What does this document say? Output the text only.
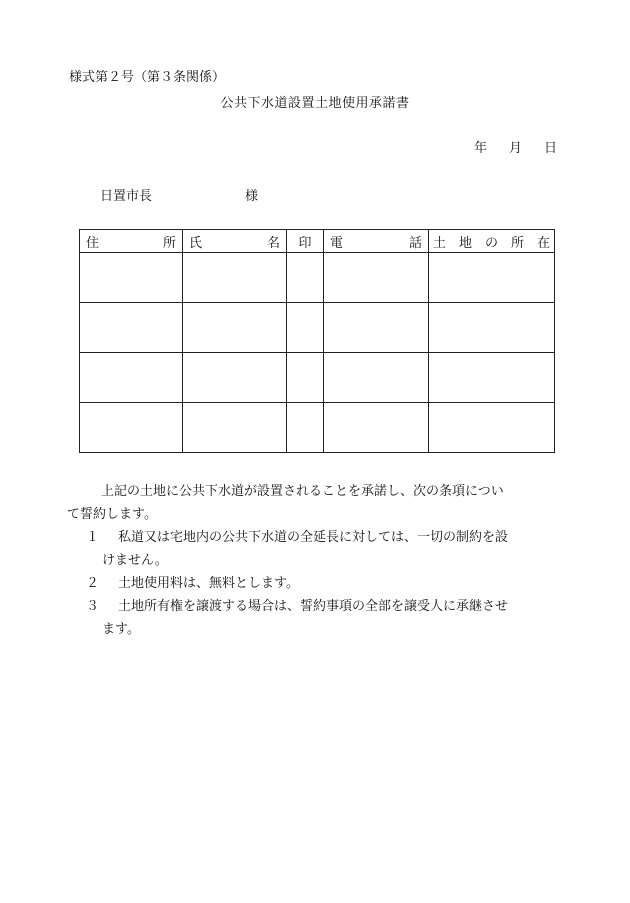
様式第２号（第３条関係）
公共下水道設置土地使用承諾書
年 月 日
日置市長	様
住 所	氏 名	印	電 話	土 地 の 所 在

上記の土地に公共下水道が設置されることを承諾し、次の条項につい
て誓約します。

１	私道又は宅地内の公共下水道の全延長に対しては、一切の制約を設
けません。
２	土地使用料は、無料とします。
３	土地所有権を譲渡する場合は、誓約事項の全部を譲受人に承継させ
ます。
